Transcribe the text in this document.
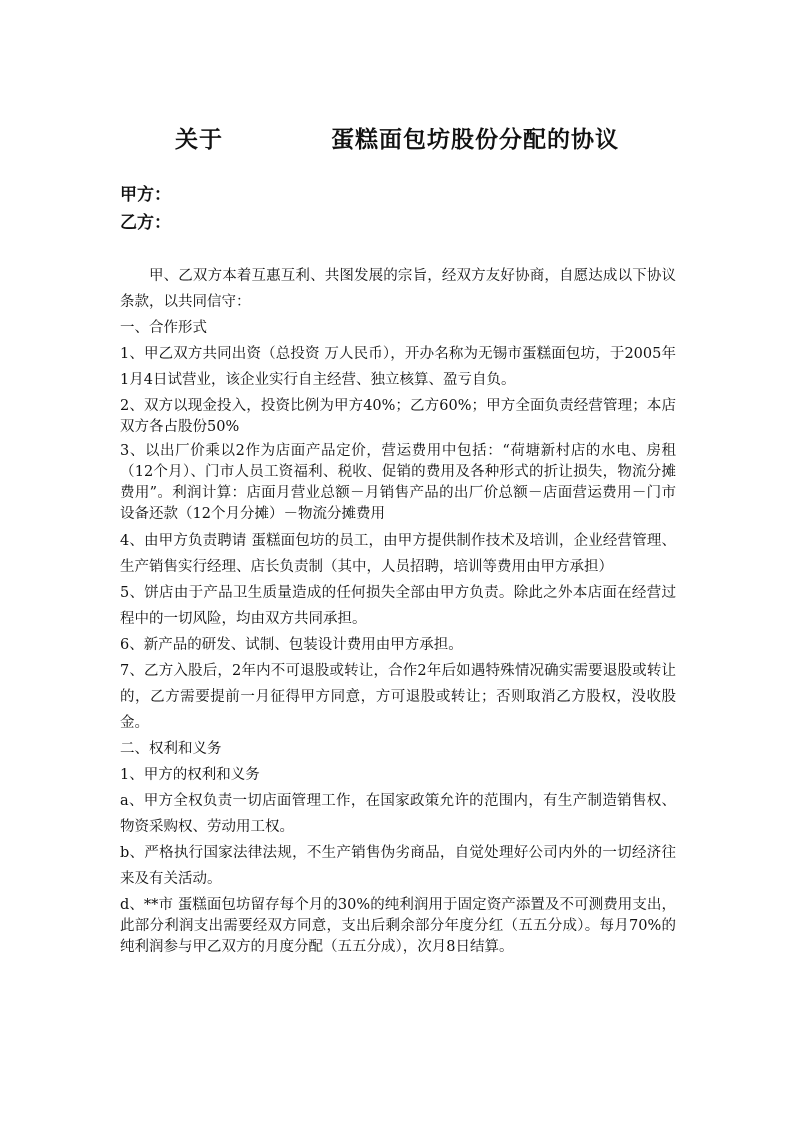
关于            蛋糕面包坊股份分配的协议
甲方：
乙方：

甲、乙双方本着互惠互利、共图发展的宗旨，经双方友好协商，自愿达成以下协议条款，以共同信守：

一、合作形式

1、甲乙双方共同出资（总投资 万人民币），开办名称为无锡市蛋糕面包坊，于2005年1月4日试营业，该企业实行自主经营、独立核算、盈亏自负。

2、双方以现金投入，投资比例为甲方40%；乙方60%；甲方全面负责经营管理；本店双方各占股份50%

3、以出厂价乘以2作为店面产品定价，营运费用中包括：“荷塘新村店的水电、房租（12个月）、门市人员工资福利、税收、促销的费用及各种形式的折让损失，物流分摊费用”。利润计算：店面月营业总额－月销售产品的出厂价总额－店面营运费用－门市设备还款（12个月分摊）－物流分摊费用

4、由甲方负责聘请 蛋糕面包坊的员工，由甲方提供制作技术及培训，企业经营管理、生产销售实行经理、店长负责制（其中，人员招聘，培训等费用由甲方承担）

5、饼店由于产品卫生质量造成的任何损失全部由甲方负责。除此之外本店面在经营过程中的一切风险，均由双方共同承担。

6、新产品的研发、试制、包装设计费用由甲方承担。

7、乙方入股后，2年内不可退股或转让，合作2年后如遇特殊情况确实需要退股或转让的，乙方需要提前一月征得甲方同意，方可退股或转让；否则取消乙方股权，没收股金。

二、权利和义务

1、甲方的权利和义务

a、甲方全权负责一切店面管理工作，在国家政策允许的范围内，有生产制造销售权、物资采购权、劳动用工权。

b、严格执行国家法律法规，不生产销售伪劣商品，自觉处理好公司内外的一切经济往来及有关活动。

d、**市 蛋糕面包坊留存每个月的30%的纯利润用于固定资产添置及不可测费用支出，此部分利润支出需要经双方同意，支出后剩余部分年度分红（五五分成）。每月70%的纯利润参与甲乙双方的月度分配（五五分成），次月8日结算。
